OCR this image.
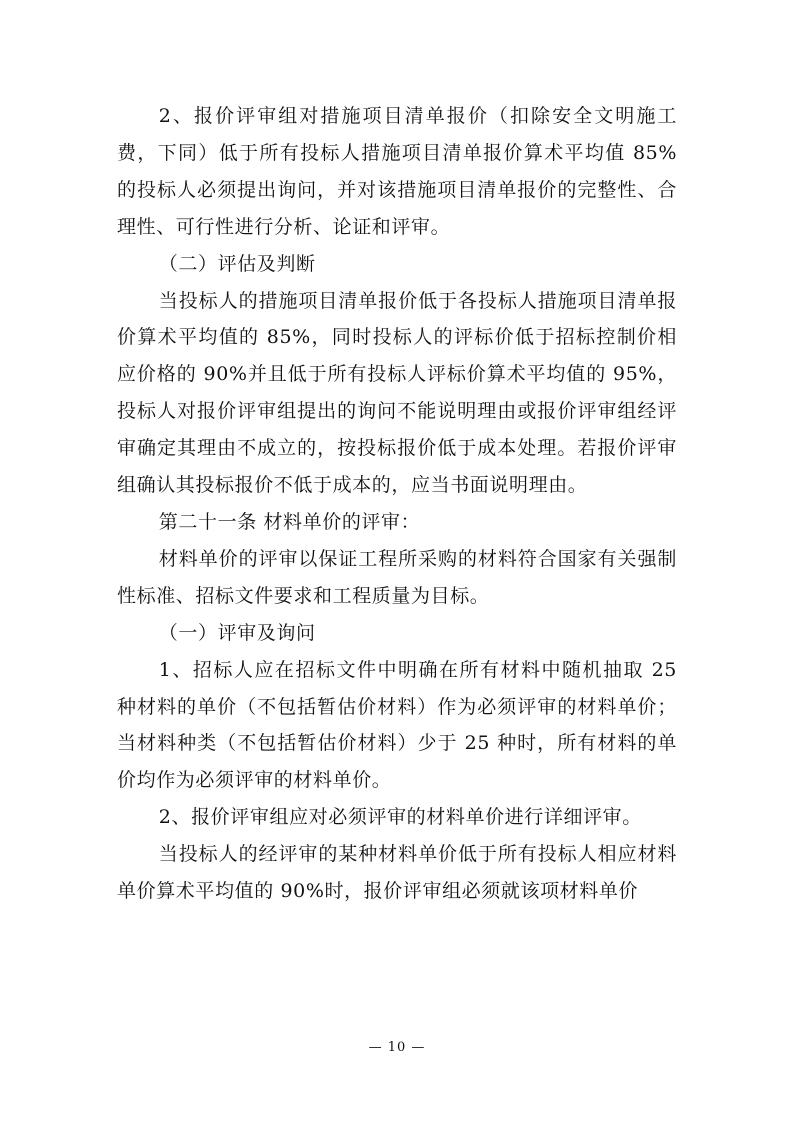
2、报价评审组对措施项目清单报价（扣除安全文明施工费，下同）低于所有投标人措施项目清单报价算术平均值 85%的投标人必须提出询问，并对该措施项目清单报价的完整性、合理性、可行性进行分析、论证和评审。

（二）评估及判断

当投标人的措施项目清单报价低于各投标人措施项目清单报价算术平均值的 85%，同时投标人的评标价低于招标控制价相应价格的 90%并且低于所有投标人评标价算术平均值的 95%，投标人对报价评审组提出的询问不能说明理由或报价评审组经评审确定其理由不成立的，按投标报价低于成本处理。若报价评审组确认其投标报价不低于成本的，应当书面说明理由。

第二十一条 材料单价的评审：

材料单价的评审以保证工程所采购的材料符合国家有关强制性标准、招标文件要求和工程质量为目标。

（一）评审及询问

1、招标人应在招标文件中明确在所有材料中随机抽取 25 种材料的单价（不包括暂估价材料）作为必须评审的材料单价；当材料种类（不包括暂估价材料）少于 25 种时，所有材料的单价均作为必须评审的材料单价。

2、报价评审组应对必须评审的材料单价进行详细评审。

当投标人的经评审的某种材料单价低于所有投标人相应材料单价算术平均值的 90%时，报价评审组必须就该项材料单价

— 10 —
